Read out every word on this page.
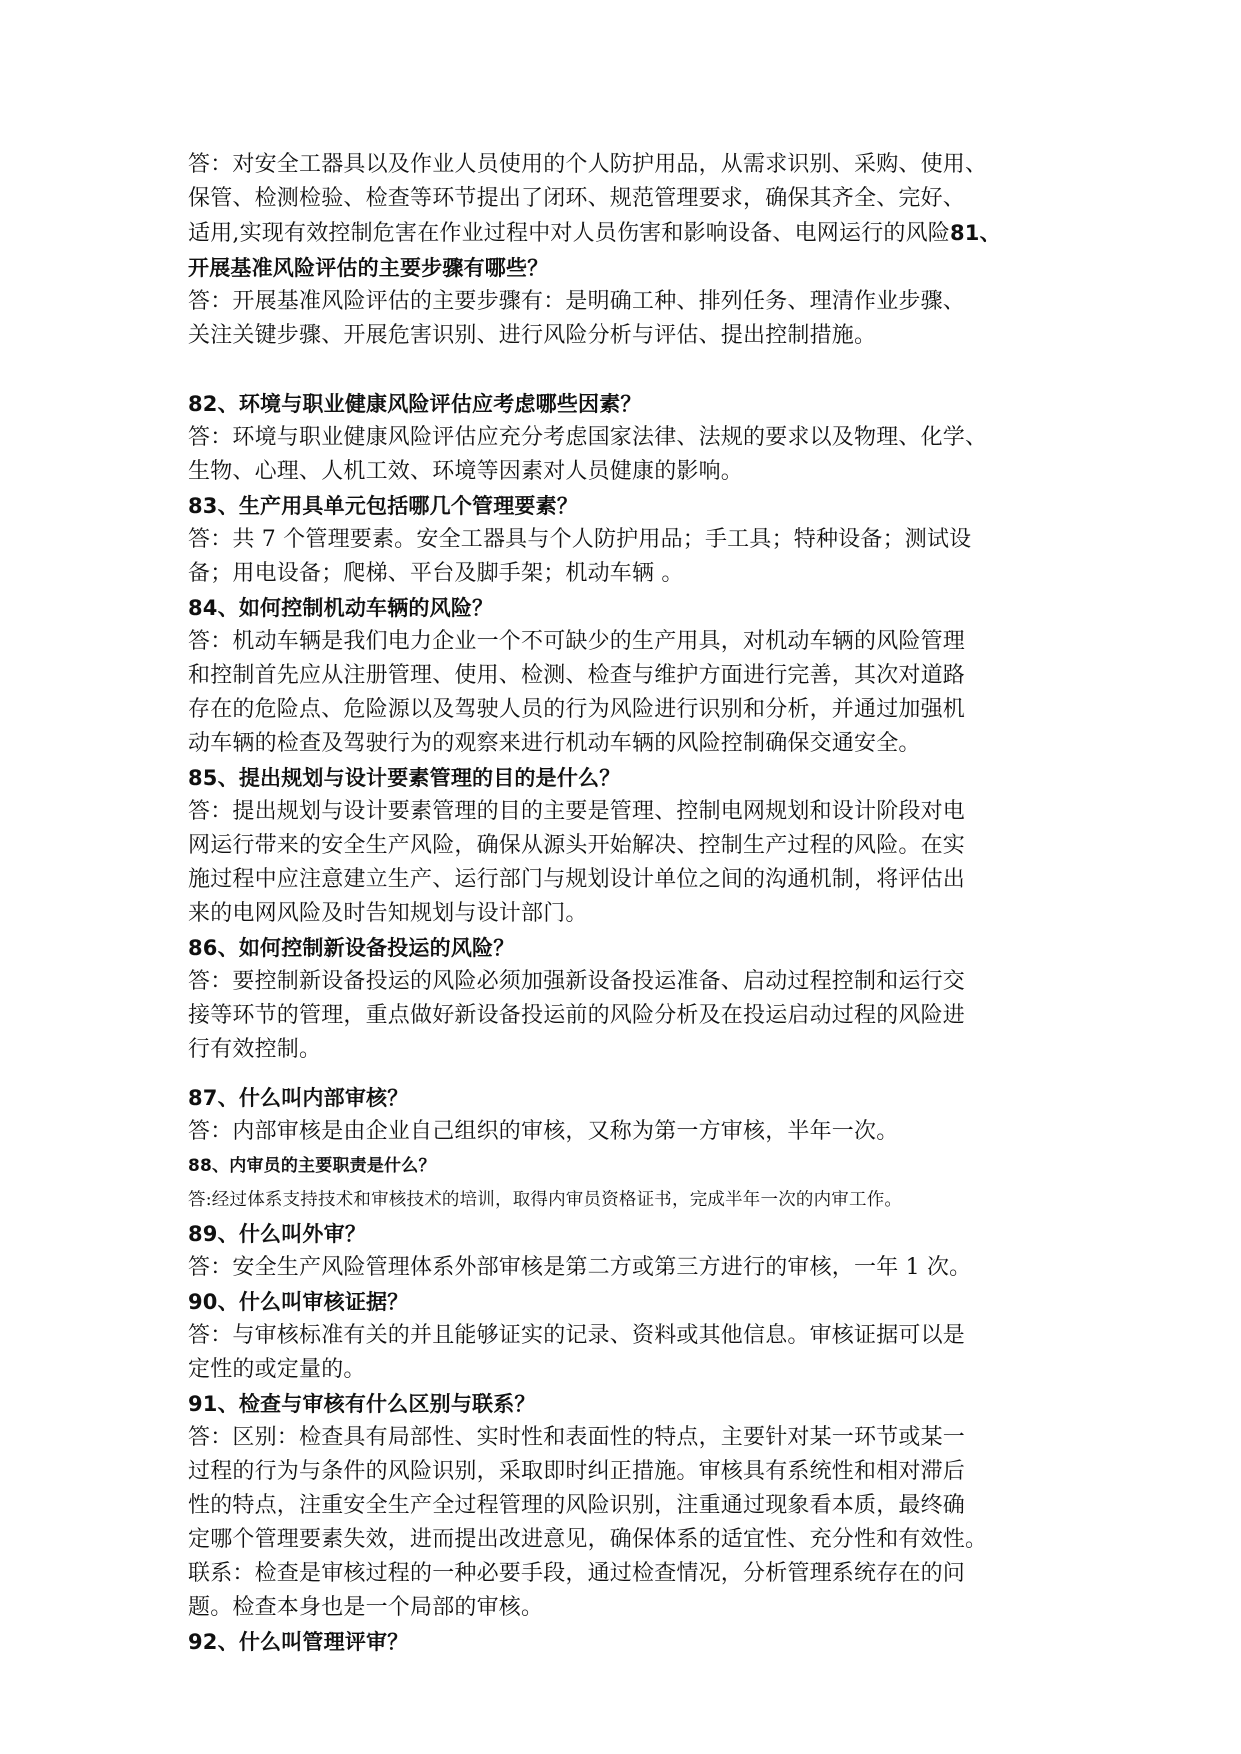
答：对安全工器具以及作业人员使用的个人防护用品，从需求识别、采购、使用、
保管、检测检验、检查等环节提出了闭环、规范管理要求，确保其齐全、完好、
适用,实现有效控制危害在作业过程中对人员伤害和影响设备、电网运行的风险81、
开展基准风险评估的主要步骤有哪些？
答：开展基准风险评估的主要步骤有：是明确工种、排列任务、理清作业步骤、
关注关键步骤、开展危害识别、进行风险分析与评估、提出控制措施。
82、环境与职业健康风险评估应考虑哪些因素？
答：环境与职业健康风险评估应充分考虑国家法律、法规的要求以及物理、化学、
生物、心理、人机工效、环境等因素对人员健康的影响。
83、生产用具单元包括哪几个管理要素？
答：共 7 个管理要素。安全工器具与个人防护用品；手工具；特种设备；测试设
备；用电设备；爬梯、平台及脚手架；机动车辆 。
84、如何控制机动车辆的风险？
答：机动车辆是我们电力企业一个不可缺少的生产用具，对机动车辆的风险管理
和控制首先应从注册管理、使用、检测、检查与维护方面进行完善，其次对道路
存在的危险点、危险源以及驾驶人员的行为风险进行识别和分析，并通过加强机
动车辆的检查及驾驶行为的观察来进行机动车辆的风险控制确保交通安全。
85、提出规划与设计要素管理的目的是什么？
答：提出规划与设计要素管理的目的主要是管理、控制电网规划和设计阶段对电
网运行带来的安全生产风险，确保从源头开始解决、控制生产过程的风险。在实
施过程中应注意建立生产、运行部门与规划设计单位之间的沟通机制，将评估出
来的电网风险及时告知规划与设计部门。
86、如何控制新设备投运的风险？
答：要控制新设备投运的风险必须加强新设备投运准备、启动过程控制和运行交
接等环节的管理，重点做好新设备投运前的风险分析及在投运启动过程的风险进
行有效控制。
87、什么叫内部审核？
答：内部审核是由企业自己组织的审核，又称为第一方审核，半年一次。
88、内审员的主要职责是什么？
答:经过体系支持技术和审核技术的培训，取得内审员资格证书，完成半年一次的内审工作。
89、什么叫外审？
答：安全生产风险管理体系外部审核是第二方或第三方进行的审核，一年 1 次。
90、什么叫审核证据？
答：与审核标准有关的并且能够证实的记录、资料或其他信息。审核证据可以是
定性的或定量的。
91、检查与审核有什么区别与联系？
答：区别：检查具有局部性、实时性和表面性的特点，主要针对某一环节或某一
过程的行为与条件的风险识别，采取即时纠正措施。审核具有系统性和相对滞后
性的特点，注重安全生产全过程管理的风险识别，注重通过现象看本质，最终确
定哪个管理要素失效，进而提出改进意见，确保体系的适宜性、充分性和有效性。
联系：检查是审核过程的一种必要手段，通过检查情况，分析管理系统存在的问
题。检查本身也是一个局部的审核。
92、什么叫管理评审？
